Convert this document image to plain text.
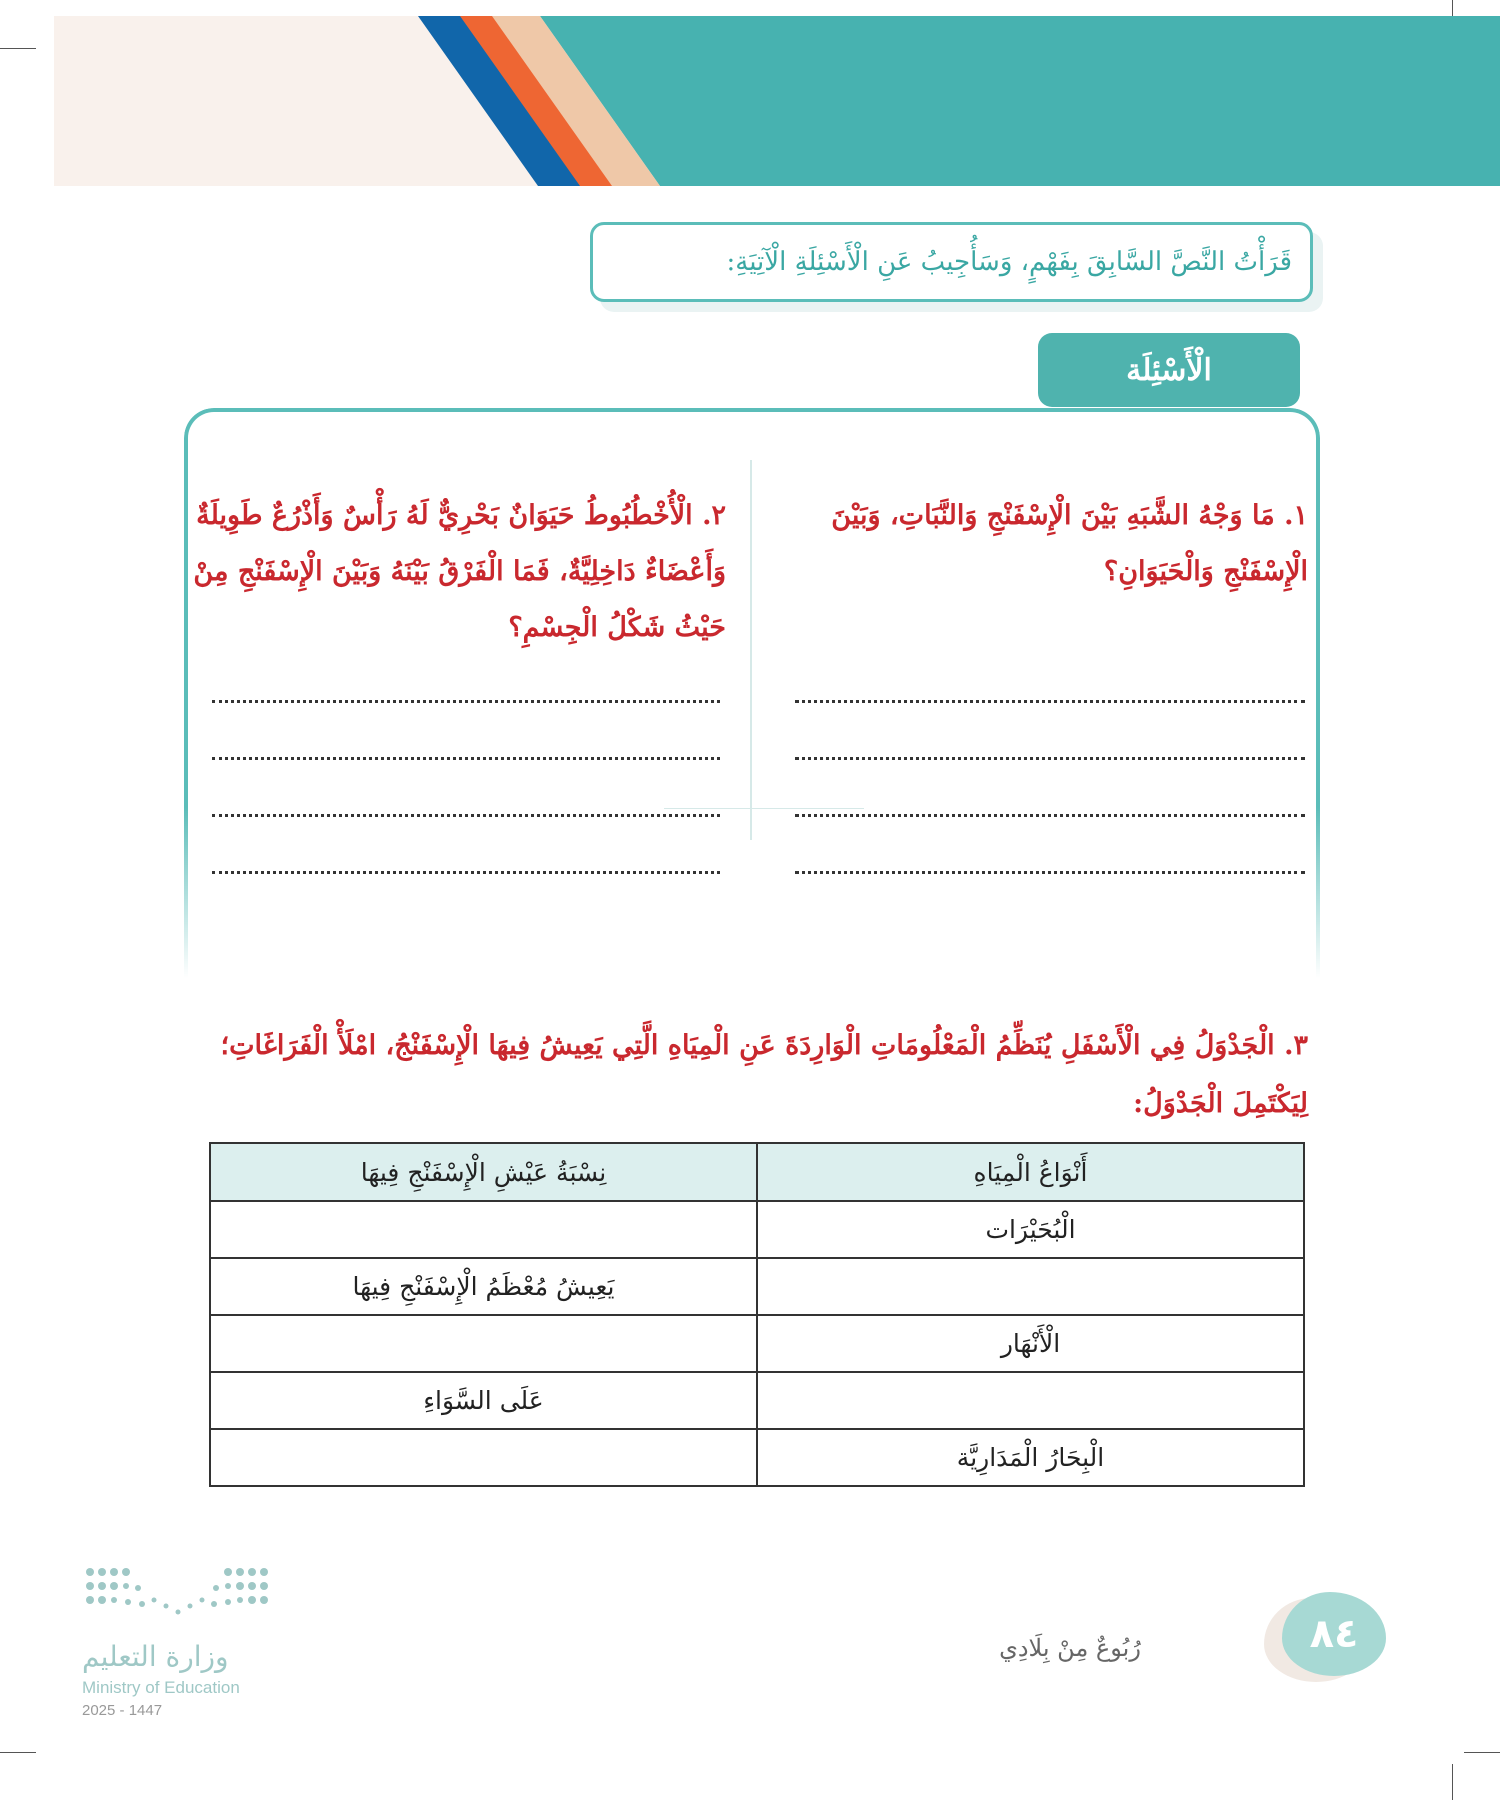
قَرَأْتُ النَّصَّ السَّابِقَ بِفَهْمٍ، وَسَأُجِيبُ عَنِ الْأَسْئِلَةِ الْآتِيَةِ:
الْأَسْئِلَة
١. مَا وَجْهُ الشَّبَهِ بَيْنَ الْإِسْفَنْجِ وَالنَّبَاتِ، وَبَيْنَ الْإِسْفَنْجِ وَالْحَيَوَانِ؟
٢. الْأُخْطُبُوطُ حَيَوَانٌ بَحْرِيٌّ لَهُ رَأْسٌ وَأَذْرُعٌ طَوِيلَةٌ وَأَعْضَاءٌ دَاخِلِيَّةٌ، فَمَا الْفَرْقُ بَيْنَهُ وَبَيْنَ الْإِسْفَنْجِ مِنْ حَيْثُ شَكْلُ الْجِسْمِ؟
٣. الْجَدْوَلُ فِي الْأَسْفَلِ يُنَظِّمُ الْمَعْلُومَاتِ الْوَارِدَةَ عَنِ الْمِيَاهِ الَّتِي يَعِيشُ فِيهَا الْإِسْفَنْجُ، امْلَأْ الْفَرَاغَاتِ؛ لِيَكْتَمِلَ الْجَدْوَلُ:
أَنْوَاعُ الْمِيَاهِ	نِسْبَةُ عَيْشِ الْإِسْفَنْجِ فِيهَا
الْبُحَيْرَات	
	يَعِيشُ مُعْظَمُ الْإِسْفَنْجِ فِيهَا
الْأَنْهَار	
	عَلَى السَّوَاءِ
الْبِحَارُ الْمَدَارِيَّة	
وزارة التعليم
Ministry of Education
2025 - 1447
رُبُوعٌ مِنْ بِلَادِي	٨٤
